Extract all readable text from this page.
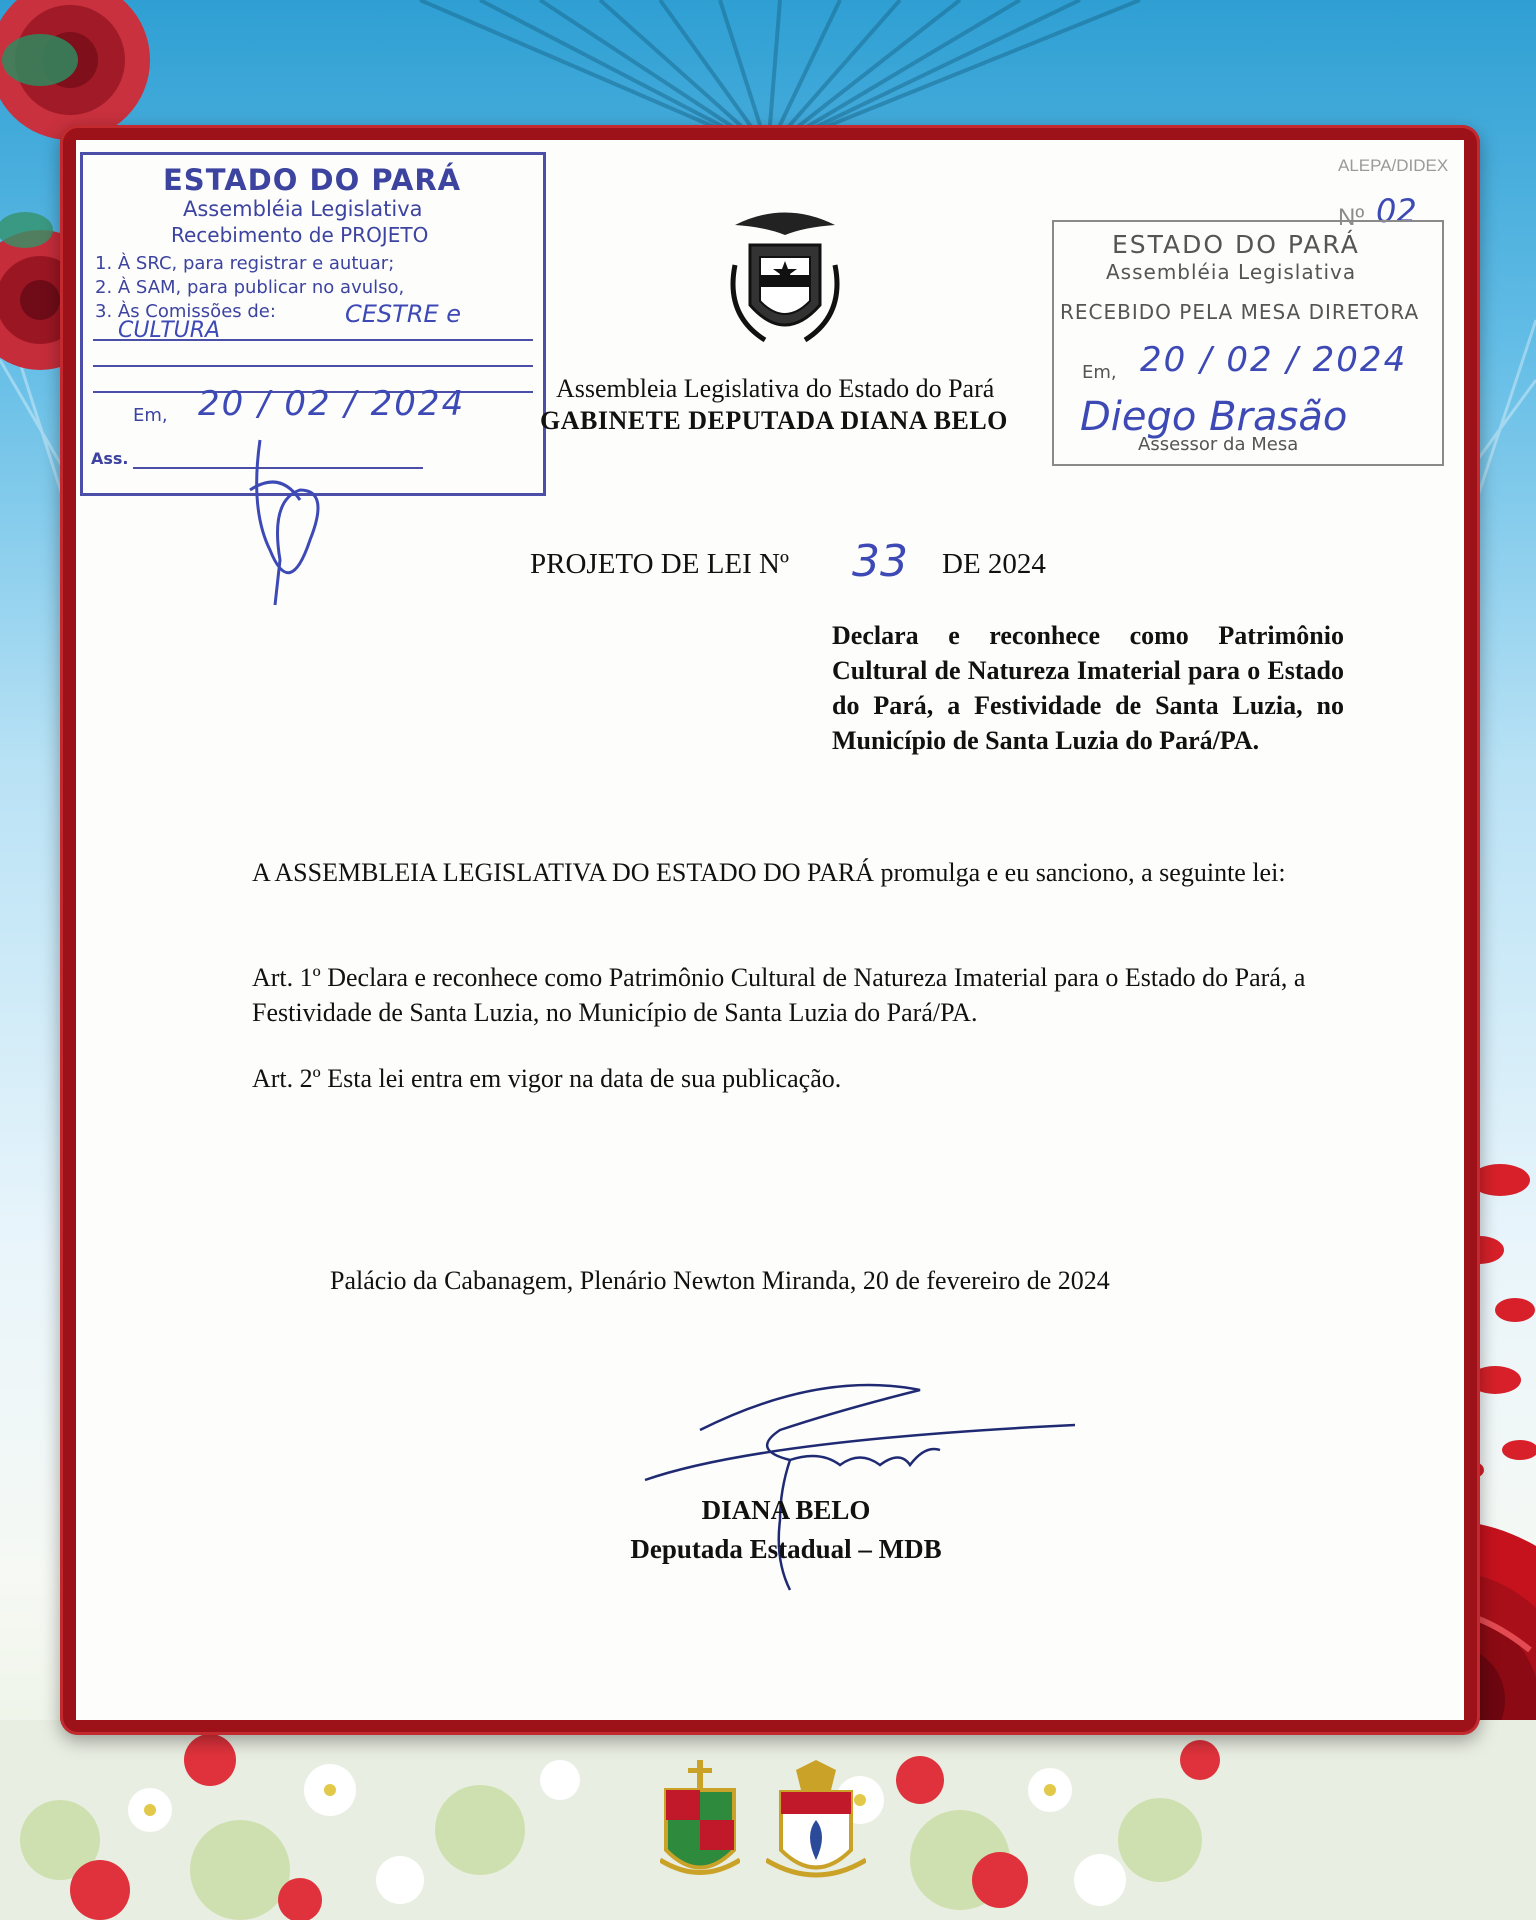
ESTADO DO PARÁ
Assembléia Legislativa
Recebimento de PROJETO
1. À SRC, para registrar e autuar;
2. À SAM, para publicar no avulso,
3. Às Comissões de:
Em,
Ass.
CESTRE e
CULTURA
20 / 02 / 2024
ALEPA/DIDEX
Nº 02
ESTADO DO PARÁ
Assembléia Legislativa
RECEBIDO PELA MESA DIRETORA
Em,
Assessor da Mesa
20 / 02 / 2024
Diego Brasão
Assembleia Legislativa do Estado do Pará
GABINETE DEPUTADA DIANA BELO
PROJETO DE LEI Nº 33 DE 2024
Declara e reconhece como Patrimônio Cultural de Natureza Imaterial para o Estado do Pará, a Festividade de Santa Luzia, no Município de Santa Luzia do Pará/PA.
A ASSEMBLEIA LEGISLATIVA DO ESTADO DO PARÁ promulga e eu sanciono, a seguinte lei:
Art. 1º Declara e reconhece como Patrimônio Cultural de Natureza Imaterial para o Estado do Pará, a Festividade de Santa Luzia, no Município de Santa Luzia do Pará/PA.
Art. 2º Esta lei entra em vigor na data de sua publicação.
Palácio da Cabanagem, Plenário Newton Miranda, 20 de fevereiro de 2024
DIANA BELO
Deputada Estadual – MDB
